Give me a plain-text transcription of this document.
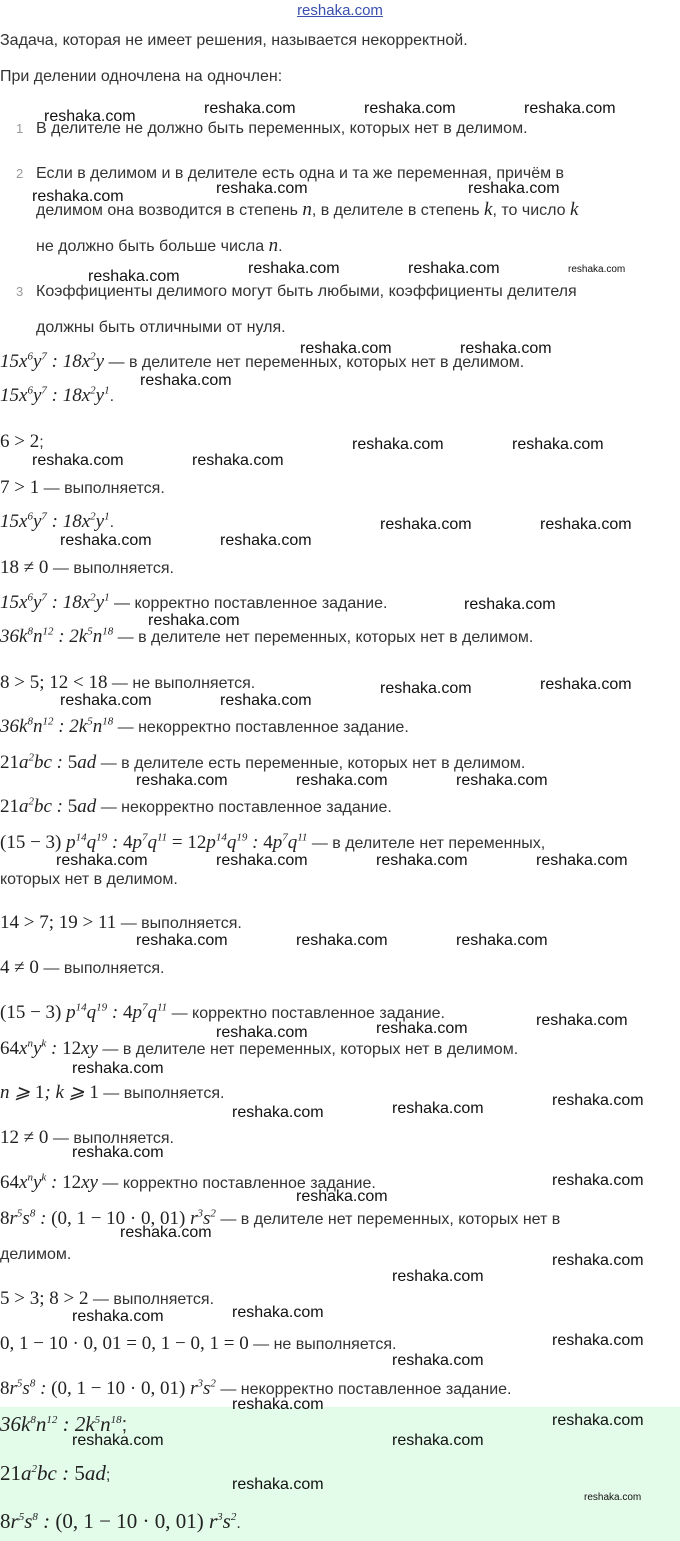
reshaka.com
Задача, которая не имеет решения, называется некорректной.
При делении одночлена на одночлен:
1 В делителе не должно быть переменных, которых нет в делимом.
2 Если в делимом и в делителе есть одна и та же переменная, причём в
делимом она возводится в степень n, в делителе в степень k, то число k
не должно быть больше числа n.
3 Коэффициенты делимого могут быть любыми, коэффициенты делителя
должны быть отличными от нуля.
$15x^6y^7$ : $18x^2y$ — в делителе нет переменных, которых нет в делимом.
$15x^6y^7$ : $18x^2y^1$.
6 > 2;
7 > 1 — выполняется.
$15x^6y^7$ : $18x^2y^1$.
18 ≠ 0 — выполняется.
$15x^6y^7$ : $18x^2y^1$ — корректно поставленное задание.
$36k^8n^{12}$ : $2k^5n^{18}$ — в делителе нет переменных, которых нет в делимом.
8 > 5; 12 < 18 — не выполняется.
$36k^8n^{12}$ : $2k^5n^{18}$ — некорректно поставленное задание.
$21a^2bc$ : 5ad — в делителе есть переменные, которых нет в делимом.
$21a^2bc$ : 5ad — некорректно поставленное задание.
(15 − 3) $p^{14}q^{19}$ : $4p^7q^{11} = 12p^{14}q^{19}$ : $4p^7q^{11}$ — в делителе нет переменных,
которых нет в делимом.
14 > 7; 19 > 11 — выполняется.
4 ≠ 0 — выполняется.
(15 − 3) $p^{14}q^{19}$ : $4p^7q^{11}$ — корректно поставленное задание.
$64x^ny^k$ : 12xy — в делителе нет переменных, которых нет в делимом.
n ⩾ 1; k ⩾ 1 — выполняется.
12 ≠ 0 — выполняется.
$64x^ny^k$ : 12xy — корректно поставленное задание.
$8r^5s^8$ : (0, 1 − 10 · 0, 01) $r^3s^2$ — в делителе нет переменных, которых нет в
делимом.
5 > 3; 8 > 2 — выполняется.
0, 1 − 10 · 0, 01 = 0, 1 − 0, 1 = 0 — не выполняется.
$8r^5s^8$ : (0, 1 − 10 · 0, 01) $r^3s^2$ — некорректно поставленное задание.
$36k^8n^{12}$ : $2k^5n^{18}$;
$21a^2bc$ : 5ad;
$8r^5s^8$ : (0, 1 − 10 · 0, 01) $r^3s^2$.
reshaka.com	reshaka.com	reshaka.com	reshaka.com
reshaka.com	reshaka.com	reshaka.com
reshaka.com	reshaka.com	reshaka.com	reshaka.com
reshaka.com	reshaka.com
reshaka.com
reshaka.com	reshaka.com
reshaka.com	reshaka.com
reshaka.com	reshaka.com
reshaka.com	reshaka.com
reshaka.com
reshaka.com	reshaka.com
reshaka.com	reshaka.com
reshaka.com
reshaka.com	reshaka.com	reshaka.com
reshaka.com	reshaka.com	reshaka.com	reshaka.com
reshaka.com	reshaka.com	reshaka.com
reshaka.com	reshaka.com	reshaka.com
reshaka.com
reshaka.com	reshaka.com	reshaka.com
reshaka.com
reshaka.com
reshaka.com
reshaka.com
reshaka.com
reshaka.com
reshaka.com	reshaka.com
reshaka.com
reshaka.com
reshaka.com
reshaka.com
reshaka.com	reshaka.com
reshaka.com
reshaka.com
